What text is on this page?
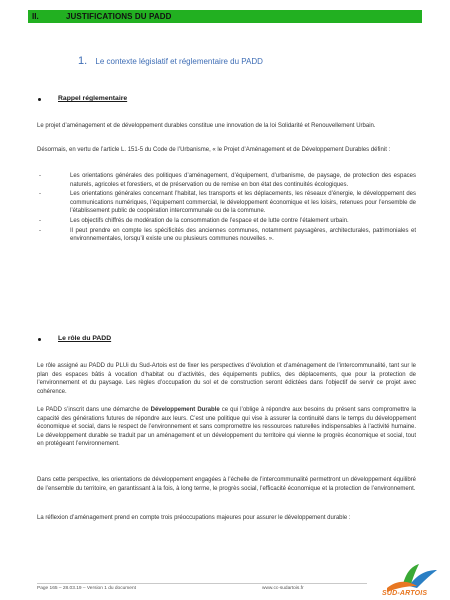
II.	JUSTIFICATIONS DU PADD
1. Le contexte législatif et réglementaire du PADD
Rappel réglementaire

Le projet d’aménagement et de développement durables constitue une innovation de la loi Solidarité et Renouvellement Urbain.

Désormais, en vertu de l’article L. 151-5 du Code de l’Urbanisme, « le Projet d’Aménagement et de Développement Durables définit :

-	Les orientations générales des politiques d’aménagement, d’équipement, d’urbanisme, de paysage, de protection des espaces naturels, agricoles et forestiers, et de préservation ou de remise en bon état des continuités écologiques.
-	Les orientations générales concernant l’habitat, les transports et les déplacements, les réseaux d’énergie, le développement des communications numériques, l’équipement commercial, le développement économique et les loisirs, retenues pour l’ensemble de l’établissement public de coopération intercommunale ou de la commune.
-	Les objectifs chiffrés de modération de la consommation de l’espace et de lutte contre l’étalement urbain.
-	Il peut prendre en compte les spécificités des anciennes communes, notamment paysagères, architecturales, patrimoniales et environnementales, lorsqu’il existe une ou plusieurs communes nouvelles. ».
Le rôle du PADD

Le rôle assigné au PADD du PLUi du Sud-Artois est de fixer les perspectives d’évolution et d’aménagement de l’intercommunalité, tant sur le plan des espaces bâtis à vocation d’habitat ou d’activités, des équipements publics, des déplacements, que pour la protection de l’environnement et du paysage. Les règles d’occupation du sol et de construction seront édictées dans l’objectif de servir ce projet avec cohérence.

Le PADD s’inscrit dans une démarche de Développement Durable ce qui l’oblige à répondre aux besoins du présent sans compromettre la capacité des générations futures de répondre aux leurs. C’est une politique qui vise à assurer la continuité dans le temps du développement économique et social, dans le respect de l’environnement et sans compromettre les ressources naturelles indispensables à l’activité humaine. Le développement durable se traduit par un aménagement et un développement du territoire qui vienne le progrès économique et social, tout en protégeant l’environnement.

Dans cette perspective, les orientations de développement engagées à l’échelle de l’intercommunalité permettront un développement équilibré de l’ensemble du territoire, en garantissant à la fois, à long terme, le progrès social, l’efficacité économique et la protection de l’environnement.

La réflexion d’aménagement prend en compte trois préoccupations majeures pour assurer le développement durable :

Page 165 – 28.03.19 – Version 1 du document	www.cc-sudartois.fr
SUD-ARTOIS
